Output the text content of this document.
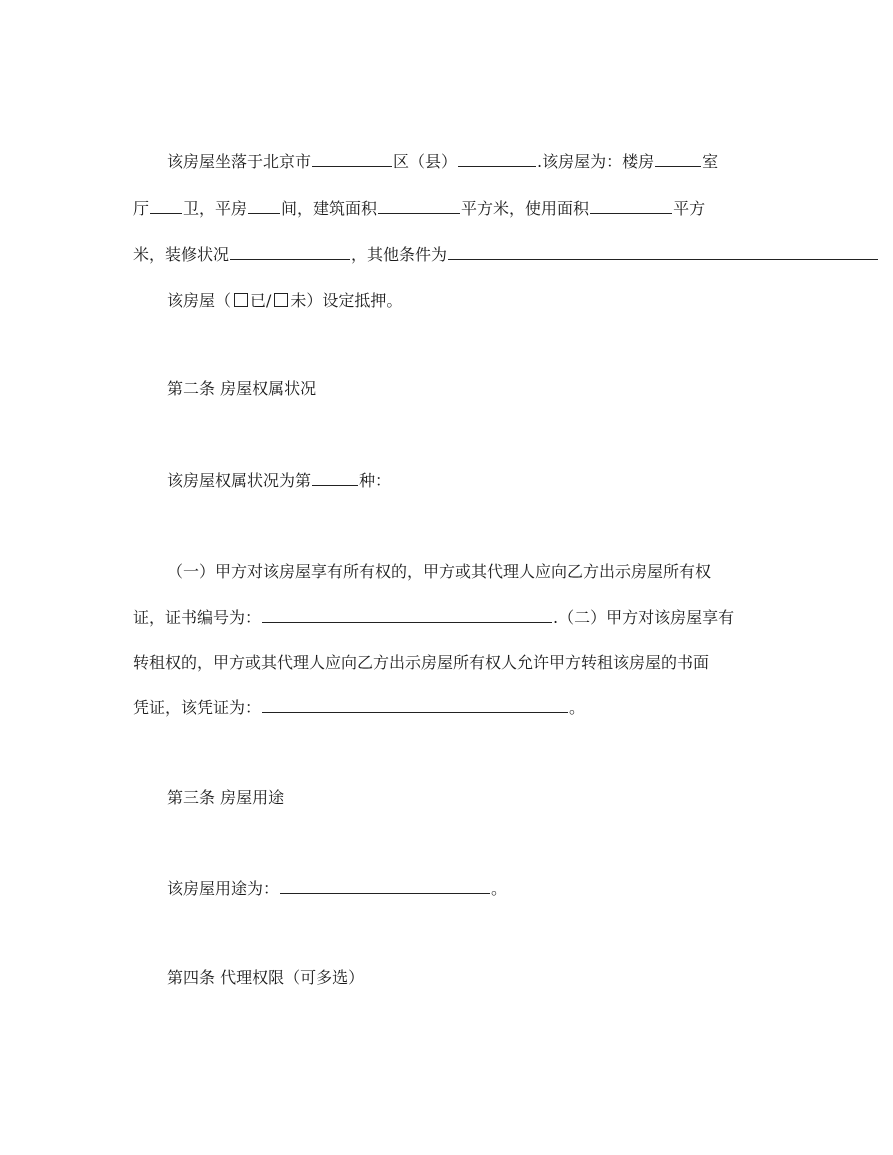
该房屋坐落于北京市	区（县）	.该房屋为：楼房	室
厅 卫，平房 间，建筑面积	平方米，使用面积	平方
米，装修状况	，其他条件为
该房屋（ 已/ 未）设定抵押。
第二条 房屋权属状况
该房屋权属状况为第	种：
（一）甲方对该房屋享有所有权的，甲方或其代理人应向乙方出示房屋所有权
证，证书编号为：	.（二）甲方对该房屋享有
转租权的，甲方或其代理人应向乙方出示房屋所有权人允许甲方转租该房屋的书面
凭证，该凭证为：	。
第三条 房屋用途
该房屋用途为：	。
第四条 代理权限（可多选）
